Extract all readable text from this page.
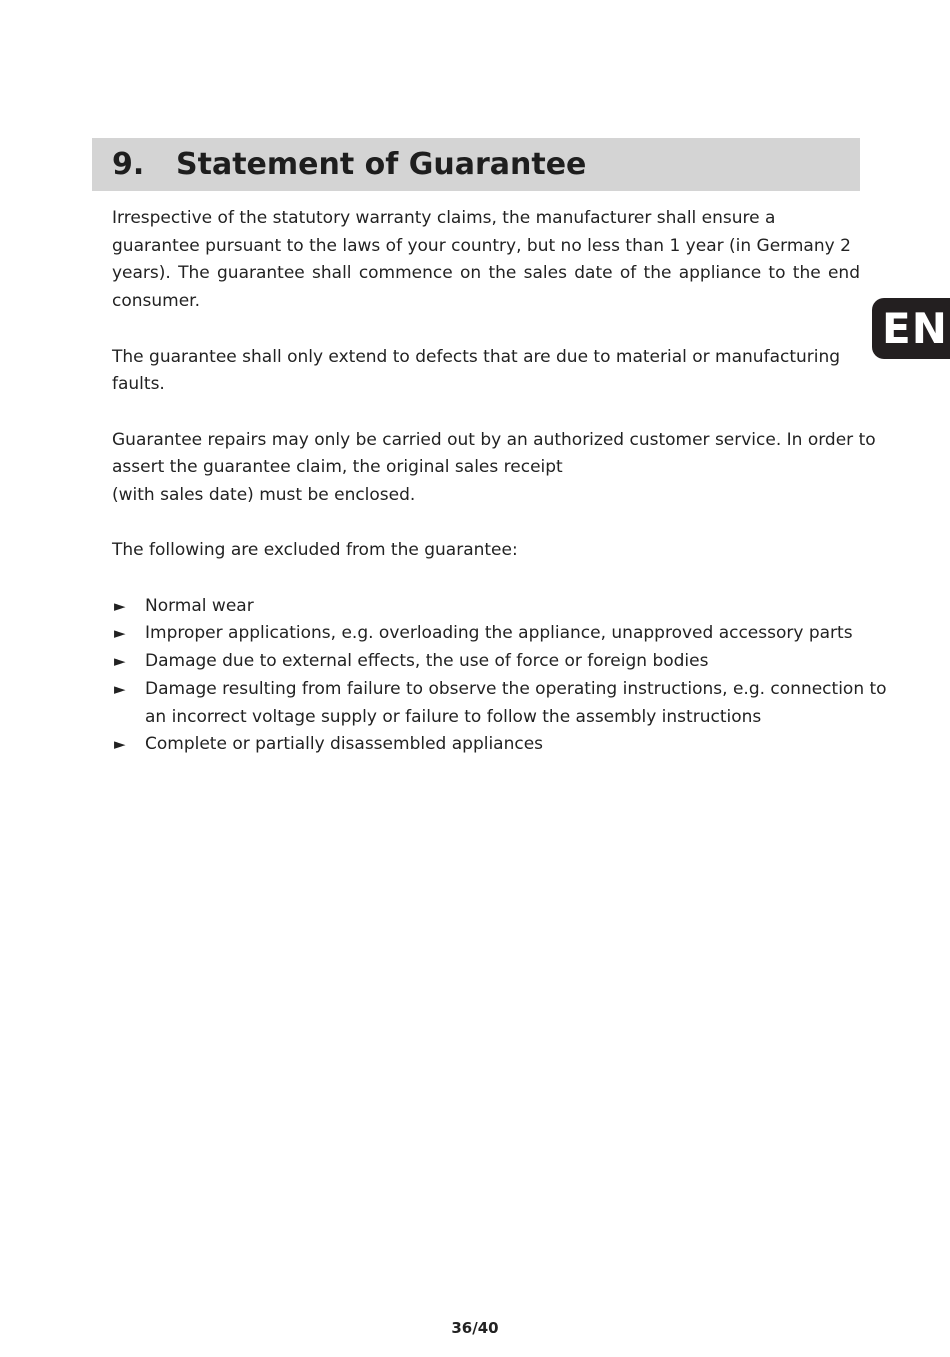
9. Statement of Guarantee
EN

Irrespective of the statutory warranty claims, the manufacturer shall ensure a
guarantee pursuant to the laws of your country, but no less than 1 year (in Germany 2
years). The guarantee shall commence on the sales date of the appliance to the end
consumer.

The guarantee shall only extend to defects that are due to material or manufacturing
faults.

Guarantee repairs may only be carried out by an authorized customer service. In order to
assert the guarantee claim, the original sales receipt
(with sales date) must be enclosed.

The following are excluded from the guarantee:

► Normal wear
► Improper applications, e.g. overloading the appliance, unapproved accessory parts
► Damage due to external effects, the use of force or foreign bodies
► Damage resulting from failure to observe the operating instructions, e.g. connection to
an incorrect voltage supply or failure to follow the assembly instructions
► Complete or partially disassembled appliances
36/40
